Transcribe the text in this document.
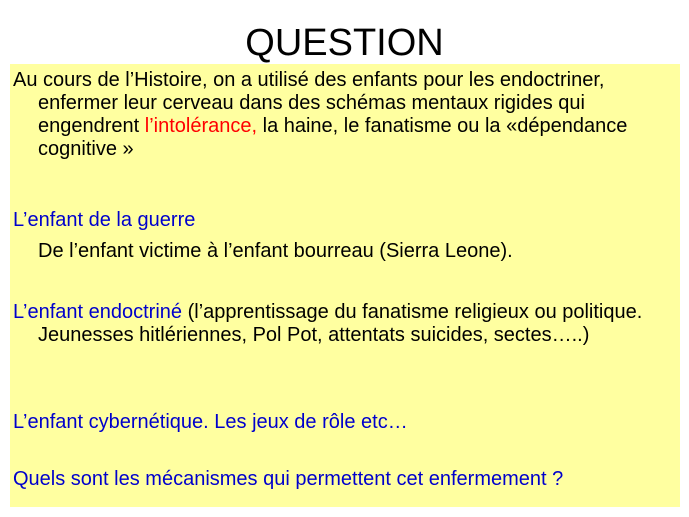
QUESTION

Au cours de l’Histoire, on a utilisé des enfants pour les endoctriner, enfermer leur cerveau dans des schémas mentaux rigides qui engendrent l’intolérance, la haine, le fanatisme ou la «dépendance cognitive »

L’enfant de la guerre

De l’enfant victime à l’enfant bourreau (Sierra Leone).

L’enfant endoctriné (l’apprentissage du fanatisme religieux ou politique. Jeunesses hitlériennes, Pol Pot, attentats suicides, sectes…..)

L’enfant cybernétique. Les jeux de rôle etc…

Quels sont les mécanismes qui permettent cet enfermement ?
